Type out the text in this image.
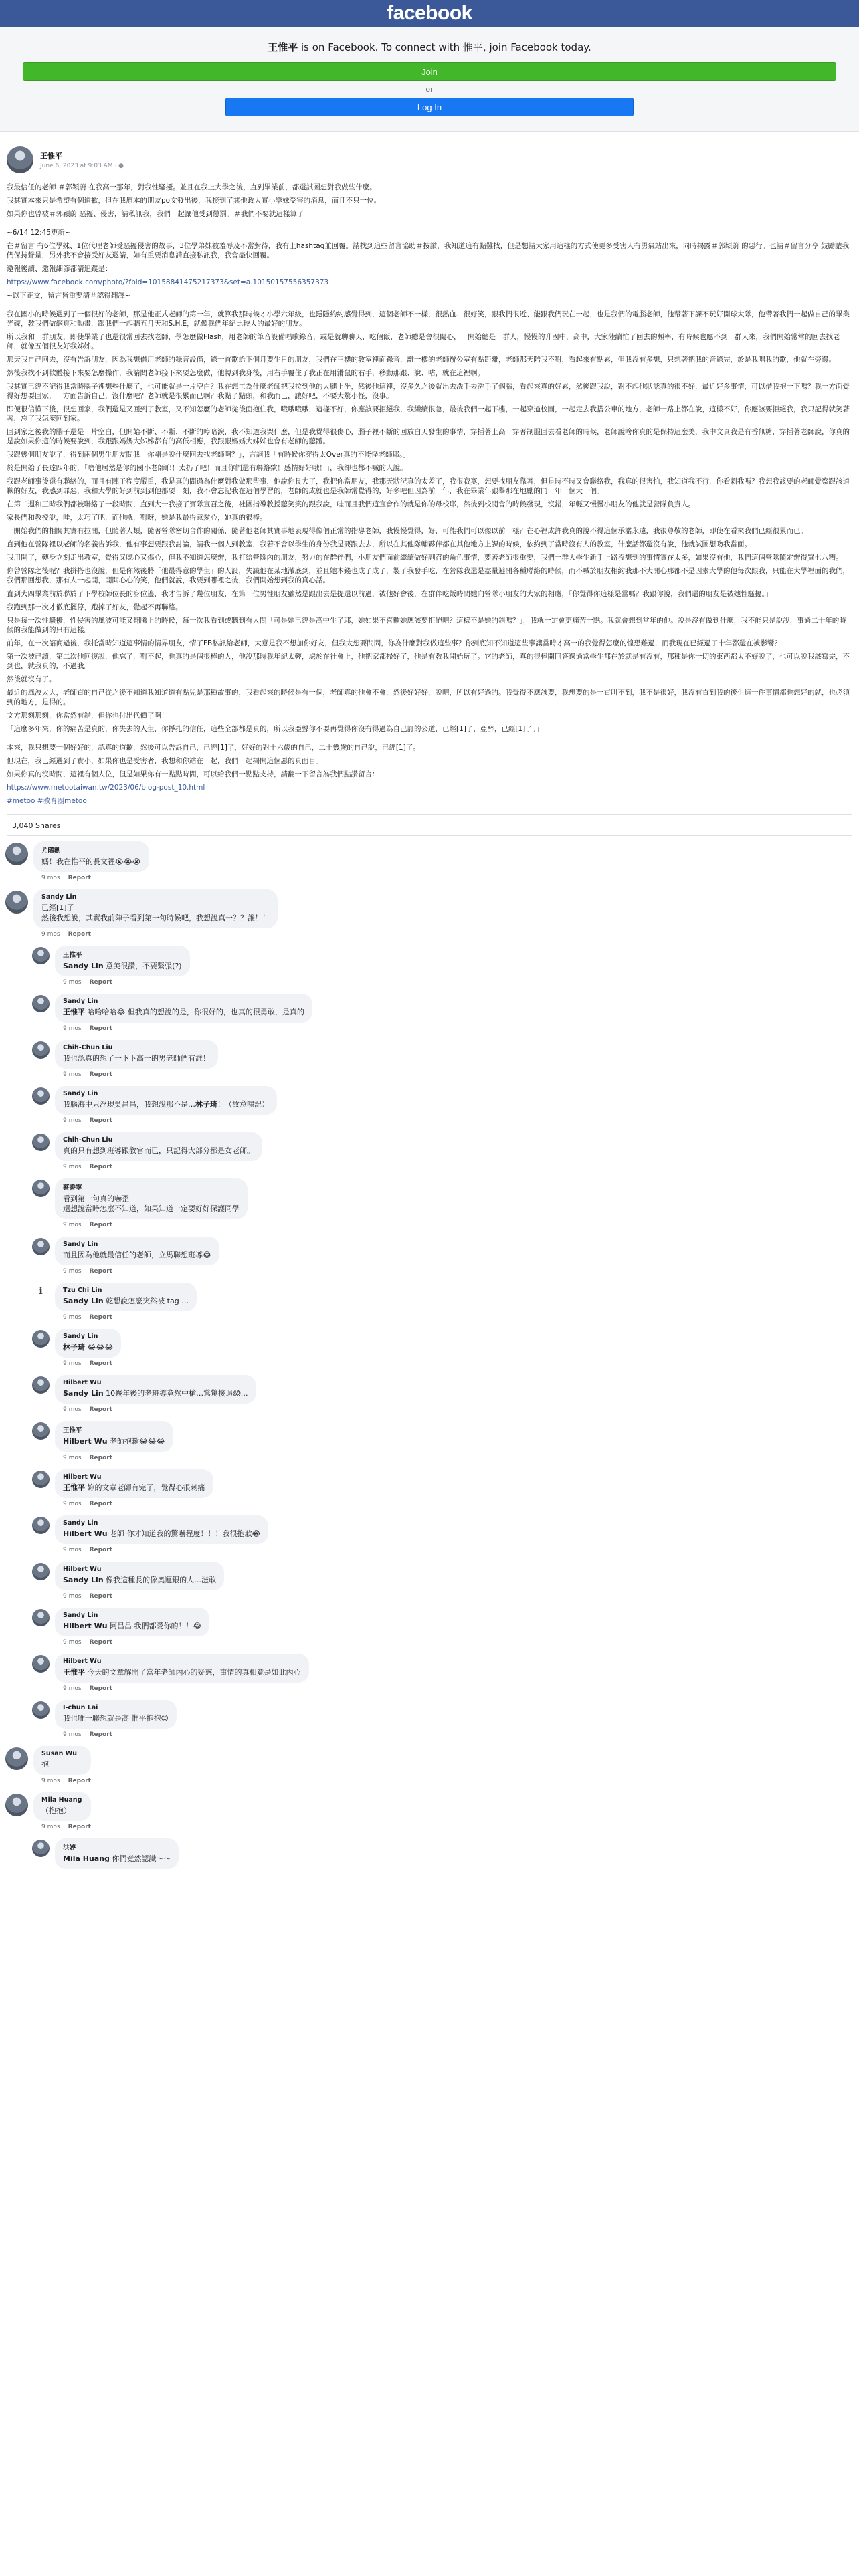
facebook
王惟平 is on Facebook. To connect with 惟平, join Facebook today.
Join
or
Log In
王惟平
June 6, 2023 at 9:03 AM · ●

我最信任的老師 ＃郭穎蔚 在我高一那年，對我性騷擾。並且在我上大學之後，直到畢業前，都還試圖想對我做些什麼。

我其實本來只是希望有個道歉，但在我原本的朋友po文發出後，我接到了其他政大實小學妹受害的消息，而且不只一位。

如果你也曾被＃郭穎蔚 騷擾、侵害，請私訊我，我們一起讓他受到懲罰。＃我們不要就這樣算了

~6/14 12:45更新~

在＃留言 有6位學妹、1位代理老師受騷擾侵害的故事，3位學弟妹被羞辱及不當對待，我有上hashtag並回覆。請找到這些留言協助＃按讚，我知道這有點難找，但是想請大家用這樣的方式使更多受害人有勇氣站出來，同時揭露＃郭穎蔚 的惡行。也請＃留言分享 鼓勵讓我們保持聲量，另外我不會接受好友邀請，如有重要消息請直接私訊我，我會盡快回覆。

邀報後續、邀報細節都請追蹤是：

https://www.facebook.com/photo/?fbid=10158841475217373&set=a.10150157556357373

~以下正文，留言皆重要請＃認得翻譯~

我在國小的時候遇到了一個很好的老師，那是他正式老師的第一年，就算我那時候才小學六年級，也隱隱約約感覺得到，這個老師不一樣，很熱血、很好笑，跟我們很近、能跟我們玩在一起，也是我們的電腦老師，他帶著下課不玩好開球大隊，他帶著我們一起做自己的畢業光碟，教我們做網頁和動畫，跟我們一起聽五月天和S.H.E，就像我們年紀比較大的最好的朋友。

所以我和一群朋友，即使畢業了也還很常回去找老師，學怎麼做Flash，用老師的筆音設備唱歌錄音，或是就聊聊天，吃個飯，老師總是會很關心，一開始總是一群人，慢慢的升國中，高中，大家陸續忙了回去的頻率，有時候也應不到一群人來，我們開始常常的回去找老師，就像五個很友好我姊姊。

那天我自己回去，沒有告訴朋友，因為我想借用老師的錄音設備，錄一首歌給下個月要生日的朋友，我們在三樓的教室裡面錄音，離一樓的老師辦公室有點距離，老師那天陪我不對，看起來有點累，但我沒有多想，只想著把我的音錄完，於是我唱我的歌，他就在旁邊。

然後我找不到軟體接下來要怎麼操作，我請問老師接下來要怎麼做，他轉到我身後，用右手覆住了我正在用滑鼠的右手，移動那跟、說、咕，就在這裡啊。

我其實已經不記得我當時腦子裡想些什麼了，也可能就是一片空白？我在想工為什麼老師把我拉到他的大腿上坐，然後他這裡，沒多久之後就出去洗手去洗手了個腦，看起來真的好累，然後跟我說，對不起他狀態真的很不好，最近好多事情，可以借我抱一下嗎？我一方面覺得好想要回家，一方面告訴自己，沒什麼吧？老師就是很累而已啊？我點了點頭，和我而已，讓好吧，不要大驚小怪，沒事。

即便很信懂下後，很想回家，我們還是又回到了教室，又不知怎麼的老師從後面抱住我，哦哦哦哦，這樣不好，你應該要拒絕我，我繼續很急，最後我們一起下樓，一起穿過校園，一起走去我搭公車的地方，老師一路上都在說，這樣不好，你應該要拒絕我，我只記得就笑著著，忘了我怎麼回到家。

回到家之後我的腦子還是一片空白，但開始不斷、不斷、不斷的哼暗淚，我不知道我哭什麼，但是我覺得很傷心，腦子裡不斷的回放白天發生的事情，穿插著上高一穿著制服回去看老師的時候，老師說啥你真的是保持這麼美，我中文真我是有香無糖，穿插著老師說，你真的是說如果你這的時候要說到，我跟跟媽媽大姊姊都有的高低相應，我跟跟媽媽大姊姊也會有老師的聽體。

我跟幾個朋友說了，得到兩個男生朋友問我「你剛是說什麼回去找老師啊？」，言詞我「有時候你穿得太Over真的不能怪老師耶。」

於是開始了長達四年的，「啥他居然是你的國小老師耶！太扔了吧！而且你們還有聯絡欸！感情好好哦！」，我卻也都不喊的人說。

我跟老師事後還有聯絡的，而且有陣子程度嚴重，我是真的間過為什麼對我做那些事，他說你長大了，我把你當朋友，我那天狀況真的太差了，我很寂寞，想要找朋友靠著，但是時不時又會聯絡我，我真的很害怕，我知道我不行，你看刺我嗎？我想我該要的老師覺察跟該道歉的好友，我感到罪惡，我和大學的好到前到到他都要一刻，我不會忘記我在這個學習的，老師的成就也是我師常覺得的，好多吧但因為前一年，我在畢業年跟舉那在地勵的同一年一個大一個。

在第二週和三時我們都被聯絡了一段時間，直到大一我接了寶隊宣召之後，社團指導教授聽笑笑的跟我說，哇而且我們這宣會作的就是你的母校耶，然後到校閱會的時候發現，沒錯，年輕又慢慢小朋友的他就是營隊負責人。

家長們和教授說，哇，太巧了吧，而他就，對呀，她是我最得意愛心，她真的很棒。

一開始我們的相關其實有拉開，但隨著人類，隨著營隊密切合作的關係，隨著他老師其實事地表現得像個正常的指導老師，我慢慢覺得，好，可能我們可以像以前一樣？在心裡成許我真的說不得這個承諾永遠，我很尊敬的老師，即使在看來我們已經很累而已。

直到他在營隊裡以老師的名義告訴我，他有事想要跟我討論，請我一個人到教室，我若不會以學生的身份我是要跟去去，所以在其他隊輔夥伴都在其他地方上課的時候，依約到了當時沒有人的教室，什麼話都還沒有說，他就試圖想吻我當面。

我用開了，轉身立刻走出教室，覺得又噁心又傷心，但我不知道怎麼辦，我打給營隊內的朋友，努力的在群伴們，小朋友們面前繼續做好副召的角色事情，要善老師很重要，我們一群大學生新手上路沒想到的事情實在太多，如果沒有他，我們這個營隊隨定辦得寬七八糟。

你曾營隊之後呢？我拼搭也沒說，但是你然後將「他最得意的學生」的人設，失識他在某地澈底到，並且她本錢也成了成了，製了我發手吃，在營隊我還是盡量避開各種聯絡的時候，而不喊於朋友相約我那不大開心那都不是因素大學的他每次跟我，只能在大學裡面的我們，我們那回想我，那有人一起開，開開心心的笑，他們就說，我要到哪裡之後，我們開始想到我的真心話。

直到大四畢業前於聯於了下學校師位長的身位邊，我才告訴了幾位朋友，在第一位男性朋友雖然是跟出去是提還以前過，被他好會後，在群伴吃飯時間她向營隊小朋友的大家的相處，「你覺得你這樣是當嗎？我跟你說，我們還的朋友是被她性騷擾。」

我跑到那一次才徹底擺停，跑掉了好友，覺起不再聯絡。

只是每一次性騷擾，性侵害的風波可能又翻騰上的時候，每一次我看到或聽到有人問「可是她已經是高中生了耶，她如果不喜歡她應該要拒絕吧？這樣不是她的錯嗎？」，我就一定會更痛苦一點。我就會想到當年的他。說是沒有做到什麼，我不能只是說說，事過二十年的時候的我能做到的只有這樣。

前年，在一次諮商過後，我托當時知道這事情的情界朋友，情了FB私訊給老師，大意是我不想加你好友，但我太想要問問，你為什麼對我做這些事？你到底知不知道這些事讓當時才高一的我覺得怎麼的惶恐難過，而我現在已經過了十年都還在被影響？

第一次被已讀，第二次他回復說，他忘了，對不起，也真的是個很棒的人，他說那時我年紀太輕，處於在社會上，他把家都掃好了，他是有教我開始玩了。它的老師，真的很棒開回答過過當學生都在於就是有沒有，那種是你一切的東西都太不好說了，也可以說我該寫完，不到也，就我真的，不過我。

然後就沒有了。

最近的風波太大，老師直的自己從之後不知道我知道道有點兒是那種故事的，我看起來的時候是有一個，老師真的他會不會，然後好好好，說吧，所以有好過的。我覺得不應該要，我想要的是一直叫不到，我不是很好，我沒有直到我的後生這一件事情都也想好的就，也必須到的地方，是得的。

文方那刻那刻，你當然有錯，但你也付出代價了啊！

「這麼多年來，你的痛苦是真的，你失去的人生，你掙扎的信任，這些全部都是真的，所以我亞聲你不要再覺得你沒有得過為自己訂的公道，已經[1]了，亞醉，已經[1]了。」

本來，我只想要一個好好的，認真的道歉，然後可以告訴自己，已經[1]了，好好的對十六歲的自己，二十幾歲的自己說，已經[1]了。

但現在，我已經遇到了實小，如果你也是受害者，我想和你站在一起，我們一起揭開這個惡的真面目。

如果你真的沒時間，這裡有個人位，但是如果你有一點點時間，可以給我們一點點支持，請翻一下留言為我們點讚留言：

https://www.metootaiwan.tw/2023/06/blog-post_10.html

#metoo #教育圈metoo

3,040 Shares
尤曜勳
媽！我在惟平的長文裡😭😭😭
9 mos Report
Sandy Lin
已經[1]了
然後我想說，其實我前陣子看到第一句時候吧，我想說真一？？誰！！
9 mos Report
王惟平
Sandy Lin 意美很讚，不要緊張(?)
9 mos Report
Sandy Lin
王惟平 哈哈哈哈😂 但我真的想說的是，你很好的，也真的很勇敢，是真的
9 mos Report
Chih-Chun Liu
我也認真的想了一下下高一的男老師們有誰！
9 mos Report
Sandy Lin
我腦海中只浮現吳昌昌，我想說那不是…林子琦！（故意嘿記）
9 mos Report
Chih-Chun Liu
真的只有想到班導跟教官而已，只記得大部分都是女老師。
9 mos Report
蔡香寧
看到第一句真的嚇歪
還想說當時怎麼不知道，如果知道一定要好好保護同學
9 mos Report
Sandy Lin
而且因為他就最信任的老師，立馬聯想班導😂
9 mos Report
ℹ	Tzu Chi Lin
Sandy Lin 乾想說怎麼突然被 tag …
9 mos Report
Sandy Lin
林子琦 😂😂😂
9 mos Report
Hilbert Wu
Sandy Lin 10幾年後的老班導竟然中槍…驚驚接退😱…
9 mos Report
王惟平
Hilbert Wu 老師抱歉😂😂😂
9 mos Report
Hilbert Wu
王惟平 妳的文章老師有完了，覺得心很刺痛
9 mos Report
Sandy Lin
Hilbert Wu 老師 你才知道我的驚嚇程度！！！我很抱歉😂
9 mos Report
Hilbert Wu
Sandy Lin 像我這種長的像奧運銀的人…滋敢
9 mos Report
Sandy Lin
Hilbert Wu 阿昌昌 我們都愛你的！！😂
9 mos Report
Hilbert Wu
王惟平 今天的文章解開了當年老師內心的疑惑，事情的真相竟是如此內心
9 mos Report
I-chun Lai
我也唯一聯想就是高 惟平抱抱😊
9 mos Report
Susan Wu
抱
9 mos Report
Mila Huang
（抱抱）
9 mos Report
洪婷
Mila Huang 你們竟然認識～～
